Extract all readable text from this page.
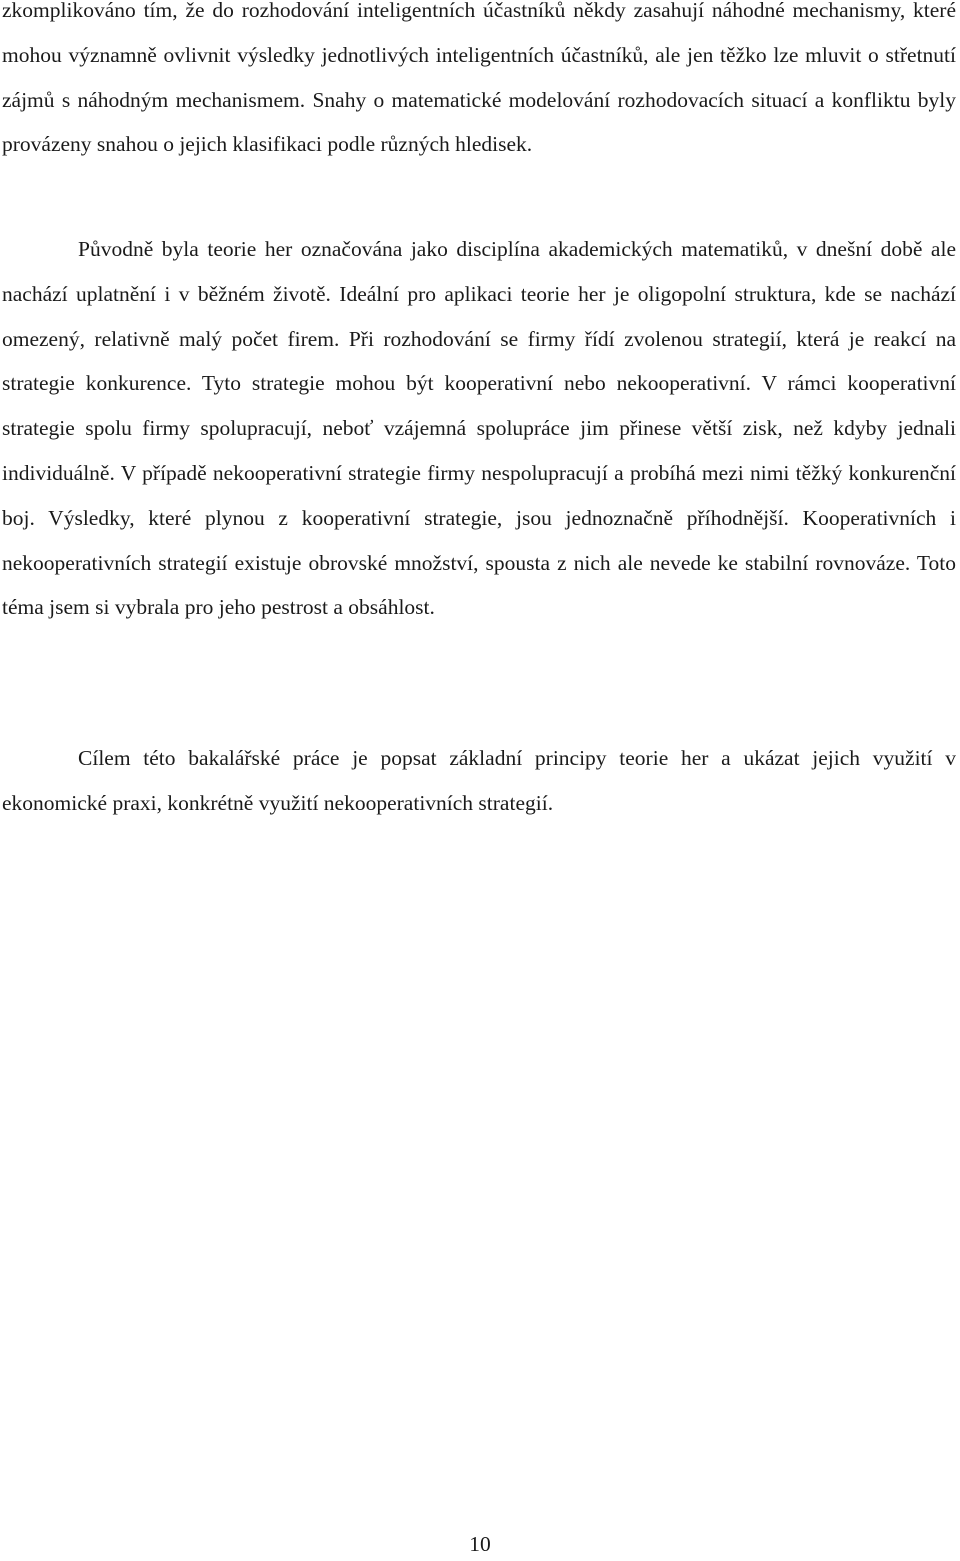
zkomplikováno tím, že do rozhodování inteligentních účastníků někdy zasahují náhodné mechanismy, které mohou významně ovlivnit výsledky jednotlivých inteligentních účastníků, ale jen těžko lze mluvit o střetnutí zájmů s náhodným mechanismem. Snahy o matematické modelování rozhodovacích situací a konfliktu byly provázeny snahou o jejich klasifikaci podle různých hledisek.

Původně byla teorie her označována jako disciplína akademických matematiků, v dnešní době ale nachází uplatnění i v běžném životě. Ideální pro aplikaci teorie her je oligopolní struktura, kde se nachází omezený, relativně malý počet firem. Při rozhodování se firmy řídí zvolenou strategií, která je reakcí na strategie konkurence. Tyto strategie mohou být kooperativní nebo nekooperativní. V rámci kooperativní strategie spolu firmy spolupracují, neboť vzájemná spolupráce jim přinese větší zisk, než kdyby jednali individuálně. V případě nekooperativní strategie firmy nespolupracují a probíhá mezi nimi těžký konkurenční boj. Výsledky, které plynou z kooperativní strategie, jsou jednoznačně příhodnější. Kooperativních i nekooperativních strategií existuje obrovské množství, spousta z nich ale nevede ke stabilní rovnováze. Toto téma jsem si vybrala pro jeho pestrost a obsáhlost.

Cílem této bakalářské práce je popsat základní principy teorie her a ukázat jejich využití v ekonomické praxi, konkrétně využití nekooperativních strategií.

10
